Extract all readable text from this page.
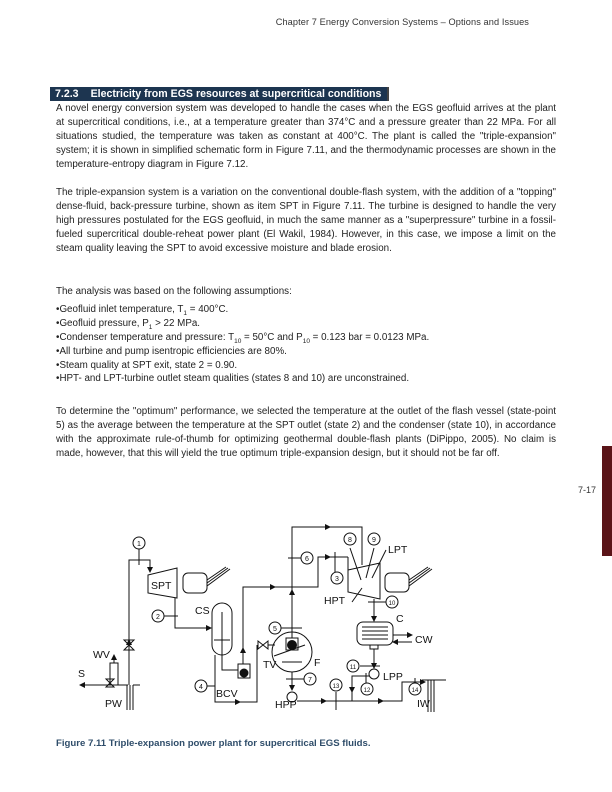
Chapter 7 Energy Conversion Systems – Options and Issues
7.2.3 Electricity from EGS resources at supercritical conditions
A novel energy conversion system was developed to handle the cases when the EGS geofluid arrives at the plant at supercritical conditions, i.e., at a temperature greater than 374°C and a pressure greater than 22 MPa. For all situations studied, the temperature was taken as constant at 400°C. The plant is called the "triple-expansion" system; it is shown in simplified schematic form in Figure 7.11, and the thermodynamic processes are shown in the temperature-entropy diagram in Figure 7.12.
The triple-expansion system is a variation on the conventional double-flash system, with the addition of a "topping" dense-fluid, back-pressure turbine, shown as item SPT in Figure 7.11. The turbine is designed to handle the very high pressures postulated for the EGS geofluid, in much the same manner as a "superpressure" turbine in a fossil-fueled supercritical double-reheat power plant (El Wakil, 1984). However, in this case, we impose a limit on the steam quality leaving the SPT to avoid excessive moisture and blade erosion.
The analysis was based on the following assumptions:
• Geofluid inlet temperature, $T_1 = 400^\circ C$.
• Geofluid pressure, $P_1 > 22$ MPa.
• Condenser temperature and pressure: $T_{10} = 50^\circ C$ and $P_{10} = 0.123$ bar = 0.0123 MPa.
• All turbine and pump isentropic efficiencies are 80%.
• Steam quality at SPT exit, state 2 = 0.90.
• HPT- and LPT-turbine outlet steam qualities (states 8 and 10) are unconstrained.
To determine the "optimum" performance, we selected the temperature at the outlet of the flash vessel (state-point 5) as the average between the temperature at the SPT outlet (state 2) and the condenser (state 10), in accordance with the approximate rule-of-thumb for optimizing geothermal double-flash plants (DiPippo, 2005). No claim is made, however, that this will yield the true optimum triple-expansion design, but it should not be far off.
7-17
1
2
3
4
5
6
7
8	9
10
11
12
13
14
S
WV
PW
SPT
CS
BCV
TV	F
HPP
HPT
LPT
C
CW
LPP
IW
Figure 7.11 Triple-expansion power plant for supercritical EGS fluids.
